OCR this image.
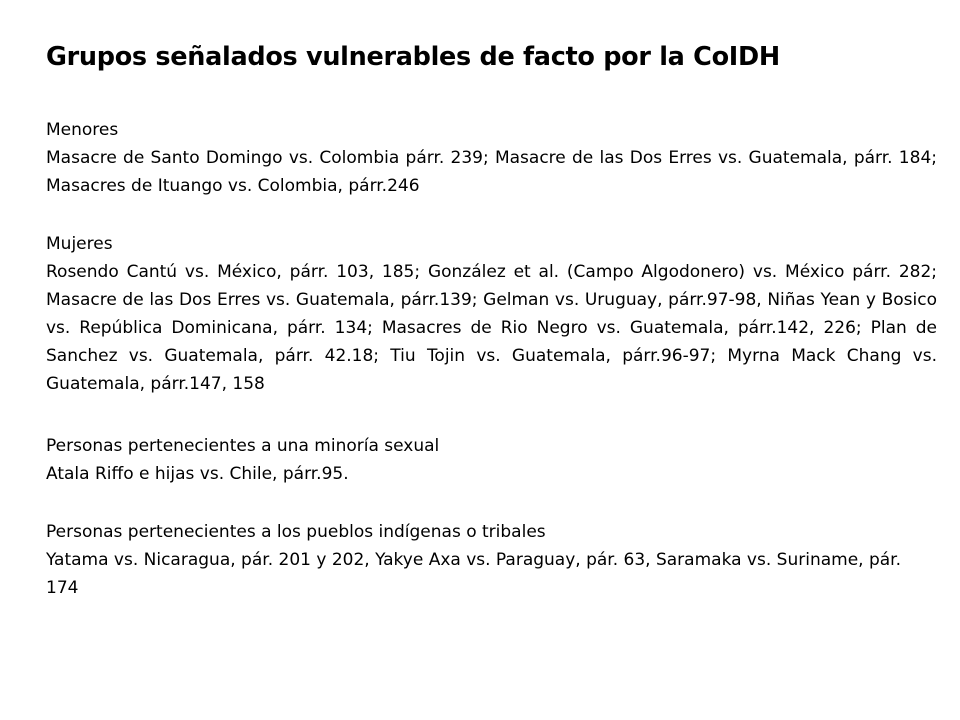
Grupos señalados vulnerables de facto por la CoIDH
Menores
Masacre de Santo Domingo vs. Colombia párr. 239; Masacre de las Dos Erres vs. Guatemala, párr. 184; Masacres de Ituango vs. Colombia, párr.246
Mujeres
Rosendo Cantú vs. México, párr. 103, 185; González et al. (Campo Algodonero) vs. México párr. 282; Masacre de las Dos Erres vs. Guatemala, párr.139; Gelman vs. Uruguay, párr.97-98, Niñas Yean y Bosico vs. República Dominicana, párr. 134; Masacres de Rio Negro vs. Guatemala, párr.142, 226; Plan de Sanchez vs. Guatemala, párr. 42.18; Tiu Tojin vs. Guatemala, párr.96-97; Myrna Mack Chang vs. Guatemala, párr.147, 158
Personas pertenecientes a una minoría sexual
Atala Riffo e hijas vs. Chile, párr.95.
Personas pertenecientes a los pueblos indígenas o tribales
Yatama vs. Nicaragua, pár. 201 y 202, Yakye Axa vs. Paraguay, pár. 63, Saramaka vs. Suriname, pár. 174
